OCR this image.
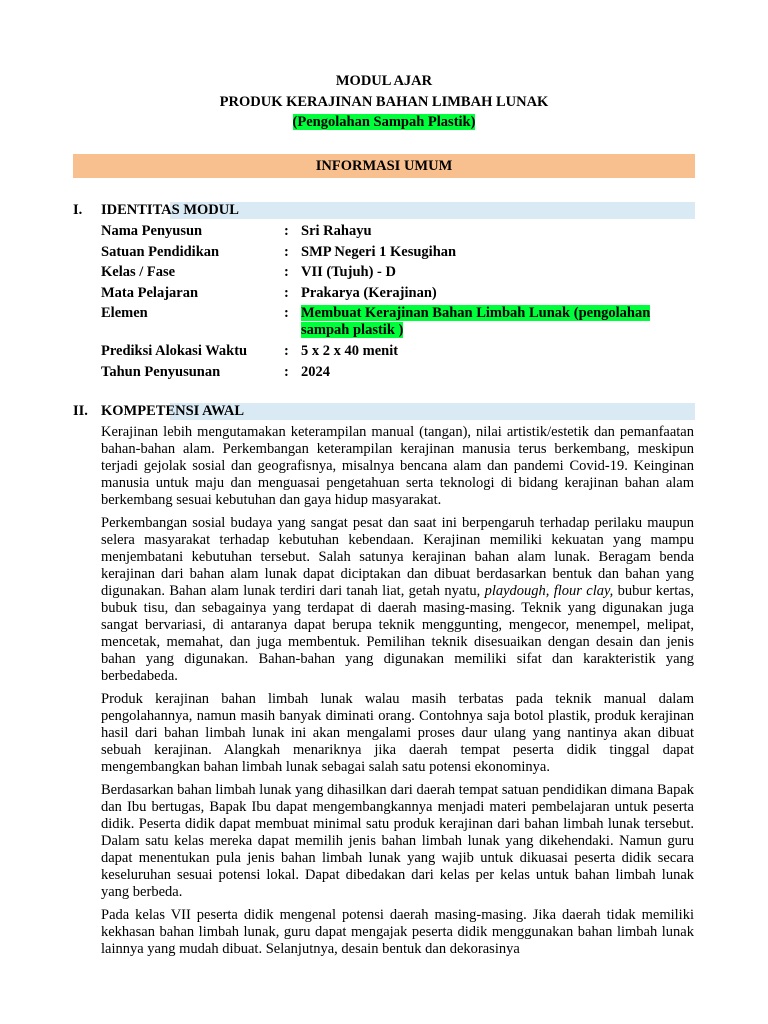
MODUL AJAR
PRODUK KERAJINAN BAHAN LIMBAH LUNAK
(Pengolahan Sampah Plastik)
INFORMASI UMUM
I. IDENTITAS MODUL
Nama Penyusun	: Sri Rahayu
Satuan Pendidikan	: SMP Negeri 1 Kesugihan
Kelas / Fase	: VII (Tujuh) - D
Mata Pelajaran	: Prakarya (Kerajinan)
Elemen	: Membuat Kerajinan Bahan Limbah Lunak (pengolahan sampah plastik )
Prediksi Alokasi Waktu	: 5 x 2 x 40 menit
Tahun Penyusunan	: 2024
II. KOMPETENSI AWAL

Kerajinan lebih mengutamakan keterampilan manual (tangan), nilai artistik/estetik dan pemanfaatan bahan-bahan alam. Perkembangan keterampilan kerajinan manusia terus berkembang, meskipun terjadi gejolak sosial dan geografisnya, misalnya bencana alam dan pandemi Covid-19. Keinginan manusia untuk maju dan menguasai pengetahuan serta teknologi di bidang kerajinan bahan alam berkembang sesuai kebutuhan dan gaya hidup masyarakat.

Perkembangan sosial budaya yang sangat pesat dan saat ini berpengaruh terhadap perilaku maupun selera masyarakat terhadap kebutuhan kebendaan. Kerajinan memiliki kekuatan yang mampu menjembatani kebutuhan tersebut. Salah satunya kerajinan bahan alam lunak. Beragam benda kerajinan dari bahan alam lunak dapat diciptakan dan dibuat berdasarkan bentuk dan bahan yang digunakan. Bahan alam lunak terdiri dari tanah liat, getah nyatu, playdough, flour clay, bubur kertas, bubuk tisu, dan sebagainya yang terdapat di daerah masing-masing. Teknik yang digunakan juga sangat bervariasi, di antaranya dapat berupa teknik menggunting, mengecor, menempel, melipat, mencetak, memahat, dan juga membentuk. Pemilihan teknik disesuaikan dengan desain dan jenis bahan yang digunakan. Bahan-bahan yang digunakan memiliki sifat dan karakteristik yang berbedabeda.

Produk kerajinan bahan limbah lunak walau masih terbatas pada teknik manual dalam pengolahannya, namun masih banyak diminati orang. Contohnya saja botol plastik, produk kerajinan hasil dari bahan limbah lunak ini akan mengalami proses daur ulang yang nantinya akan dibuat sebuah kerajinan. Alangkah menariknya jika daerah tempat peserta didik tinggal dapat mengembangkan bahan limbah lunak sebagai salah satu potensi ekonominya.

Berdasarkan bahan limbah lunak yang dihasilkan dari daerah tempat satuan pendidikan dimana Bapak dan Ibu bertugas, Bapak Ibu dapat mengembangkannya menjadi materi pembelajaran untuk peserta didik. Peserta didik dapat membuat minimal satu produk kerajinan dari bahan limbah lunak tersebut. Dalam satu kelas mereka dapat memilih jenis bahan limbah lunak yang dikehendaki. Namun guru dapat menentukan pula jenis bahan limbah lunak yang wajib untuk dikuasai peserta didik secara keseluruhan sesuai potensi lokal. Dapat dibedakan dari kelas per kelas untuk bahan limbah lunak yang berbeda.

Pada kelas VII peserta didik mengenal potensi daerah masing-masing. Jika daerah tidak memiliki kekhasan bahan limbah lunak, guru dapat mengajak peserta didik menggunakan bahan limbah lunak lainnya yang mudah dibuat. Selanjutnya, desain bentuk dan dekorasinya
